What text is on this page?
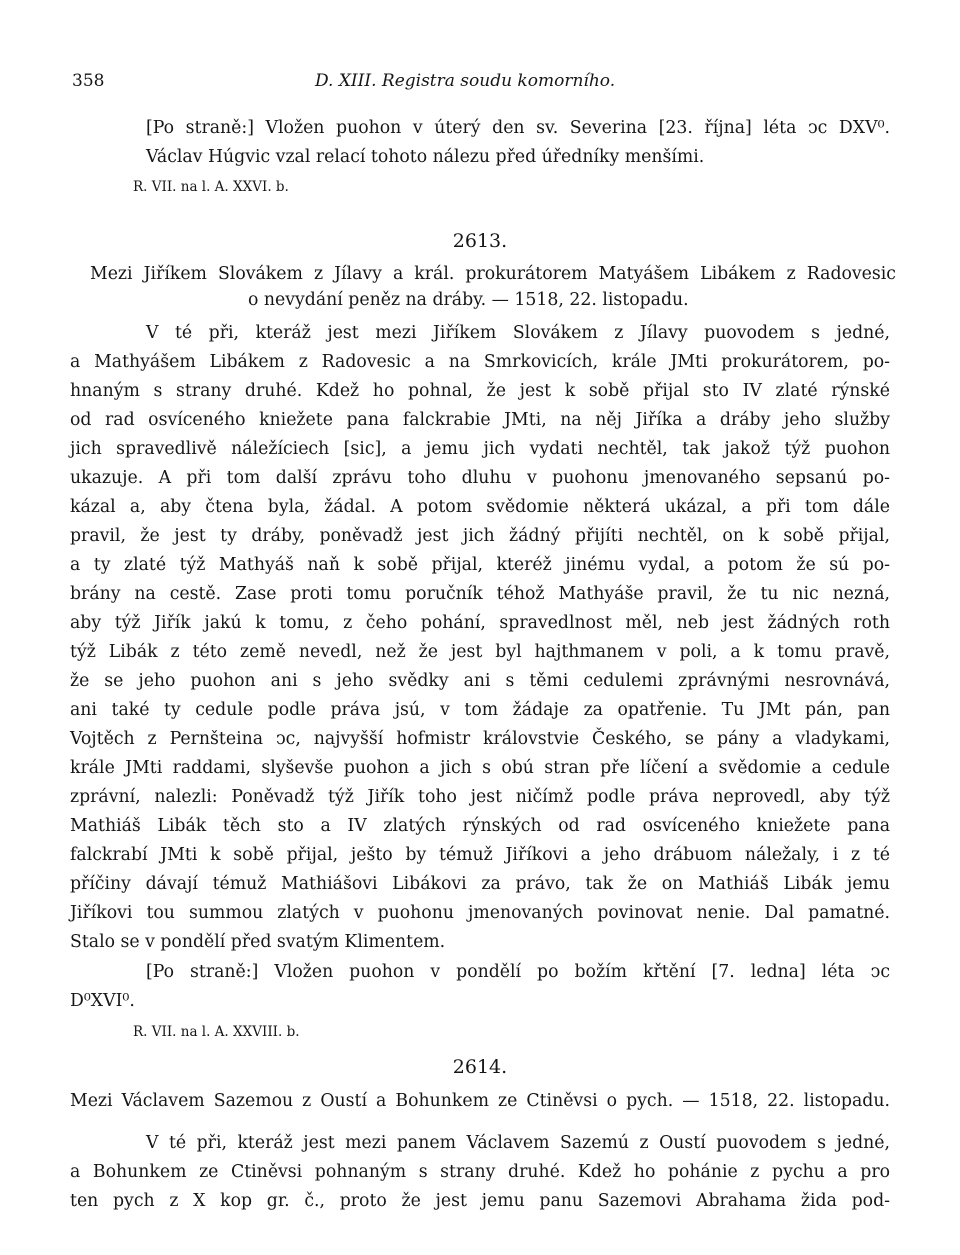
358	D. XIII. Registra soudu komorního.
[Po straně:] Vložen puohon v úterý den sv. Severina [23. října] léta ↄc DXV⁰.
Václav Húgvic vzal relací tohoto nálezu před úředníky menšími.
R. VII. na l. A. XXVI. b.
2613.
Mezi Jiříkem Slovákem z Jílavy a král. prokurátorem Matyášem Libákem z Radovesic
o nevydání peněz na dráby. — 1518, 22. listopadu.
V té při, kteráž jest mezi Jiříkem Slovákem z Jílavy puovodem s jedné,
a Mathyášem Libákem z Radovesic a na Smrkovicích, krále JMti prokurátorem, po-
hnaným s strany druhé. Kdež ho pohnal, že jest k sobě přijal sto IV zlaté rýnské
od rad osvíceného kniežete pana falckrabie JMti, na něj Jiříka a dráby jeho služby
jich spravedlivě náležíciech [sic], a jemu jich vydati nechtěl, tak jakož týž puohon
ukazuje. A při tom další zprávu toho dluhu v puohonu jmenovaného sepsanú po-
kázal a, aby čtena byla, žádal. A potom svědomie některá ukázal, a při tom dále
pravil, že jest ty dráby, poněvadž jest jich žádný přijíti nechtěl, on k sobě přijal,
a ty zlaté týž Mathyáš naň k sobě přijal, kteréž jinému vydal, a potom že sú po-
brány na cestě. Zase proti tomu poručník téhož Mathyáše pravil, že tu nic nezná,
aby týž Jiřík jakú k tomu, z čeho pohání, spravedlnost měl, neb jest žádných roth
týž Libák z této země nevedl, než že jest byl hajthmanem v poli, a k tomu pravě,
že se jeho puohon ani s jeho svědky ani s těmi cedulemi zprávnými nesrovnává,
ani také ty cedule podle práva jsú, v tom žádaje za opatřenie. Tu JMt pán, pan
Vojtěch z Pernšteina ↄc, najvyšší hofmistr královstvie Českého, se pány a vladykami,
krále JMti raddami, slyševše puohon a jich s obú stran pře líčení a svědomie a cedule
zprávní, nalezli: Poněvadž týž Jiřík toho jest ničímž podle práva neprovedl, aby týž
Mathiáš Libák těch sto a IV zlatých rýnských od rad osvíceného kniežete pana
falckrabí JMti k sobě přijal, ješto by témuž Jiříkovi a jeho drábuom náležaly, i z té
příčiny dávají témuž Mathiášovi Libákovi za právo, tak že on Mathiáš Libák jemu
Jiříkovi tou summou zlatých v puohonu jmenovaných povinovat nenie. Dal pamatné.
Stalo se v pondělí před svatým Klimentem.
[Po straně:] Vložen puohon v pondělí po božím křtění [7. ledna] léta ↄc
D⁰XVI⁰.
R. VII. na l. A. XXVIII. b.
2614.
Mezi Václavem Sazemou z Oustí a Bohunkem ze Ctiněvsi o pych. — 1518, 22. listopadu.
V té při, kteráž jest mezi panem Václavem Sazemú z Oustí puovodem s jedné,
a Bohunkem ze Ctiněvsi pohnaným s strany druhé. Kdež ho pohánie z pychu a pro
ten pych z X kop gr. č., proto že jest jemu panu Sazemovi Abrahama žida pod-
